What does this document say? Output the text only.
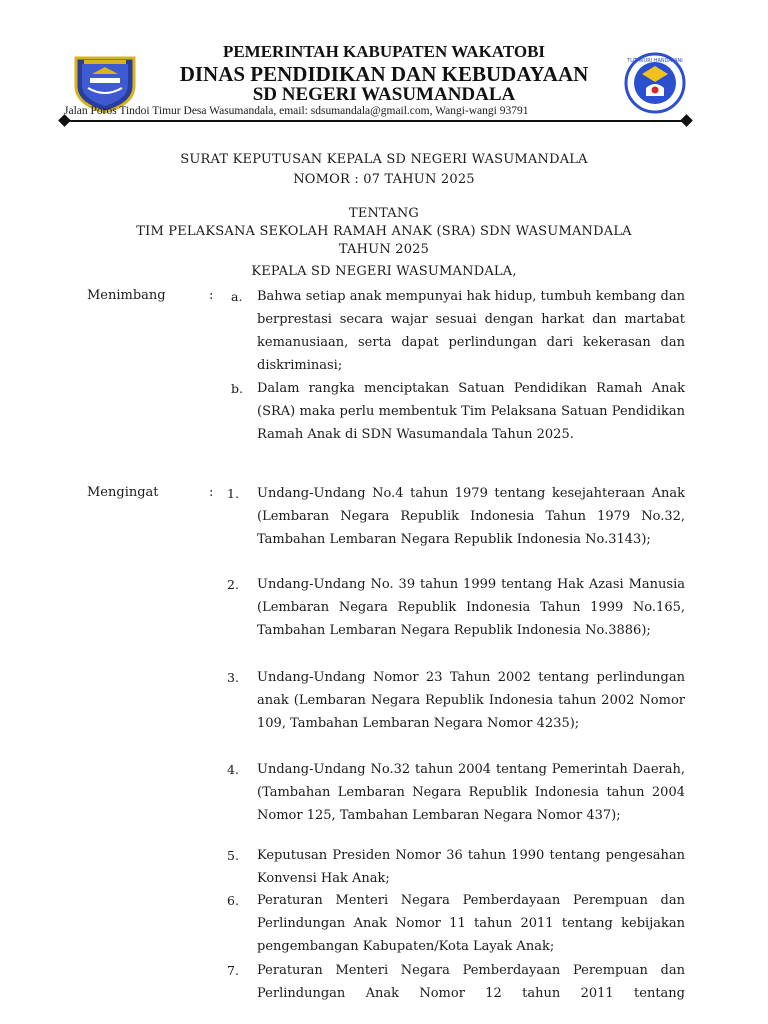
PEMERINTAH KABUPATEN WAKATOBI
DINAS PENDIDIKAN DAN KEBUDAYAAN
SD NEGERI WASUMANDALA
TUT WURI HANDAYANI
Jalan Poros Tindoi Timur Desa Wasumandala, email: sdsumandala@gmail.com, Wangi-wangi 93791
SURAT KEPUTUSAN KEPALA SD NEGERI WASUMANDALA
NOMOR : 07 TAHUN 2025
TENTANG
TIM PELAKSANA SEKOLAH RAMAH ANAK (SRA) SDN WASUMANDALA
TAHUN 2025
KEPALA SD NEGERI WASUMANDALA,
Menimbang	: a. Bahwa setiap anak mempunyai hak hidup, tumbuh kembang dan berprestasi secara wajar sesuai dengan harkat dan martabat kemanusiaan, serta dapat perlindungan dari kekerasan dan diskriminasi;
b. Dalam rangka menciptakan Satuan Pendidikan Ramah Anak (SRA) maka perlu membentuk Tim Pelaksana Satuan Pendidikan Ramah Anak di SDN Wasumandala Tahun 2025.
Mengingat	: 1. Undang-Undang No.4 tahun 1979 tentang kesejahteraan Anak (Lembaran Negara Republik Indonesia Tahun 1979 No.32, Tambahan Lembaran Negara Republik Indonesia No.3143);
2. Undang-Undang No. 39 tahun 1999 tentang Hak Azasi Manusia (Lembaran Negara Republik Indonesia Tahun 1999 No.165, Tambahan Lembaran Negara Republik Indonesia No.3886);
3. Undang-Undang Nomor 23 Tahun 2002 tentang perlindungan anak (Lembaran Negara Republik Indonesia tahun 2002 Nomor 109, Tambahan Lembaran Negara Nomor 4235);
4. Undang-Undang No.32 tahun 2004 tentang Pemerintah Daerah, (Tambahan Lembaran Negara Republik Indonesia tahun 2004 Nomor 125, Tambahan Lembaran Negara Nomor 437);
5. Keputusan Presiden Nomor 36 tahun 1990 tentang pengesahan Konvensi Hak Anak;
6. Peraturan Menteri Negara Pemberdayaan Perempuan dan Perlindungan Anak Nomor 11 tahun 2011 tentang kebijakan pengembangan Kabupaten/Kota Layak Anak;
7. Peraturan Menteri Negara Pemberdayaan Perempuan dan Perlindungan Anak Nomor 12 tahun 2011 tentang
